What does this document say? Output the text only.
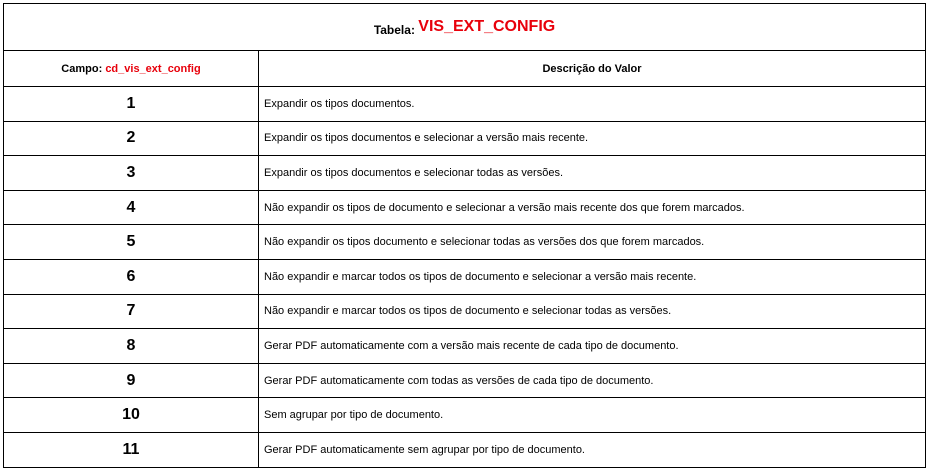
Tabela: VIS_EXT_CONFIG	
Campo: cd_vis_ext_config	Descrição do Valor
1	Expandir os tipos documentos.
2	Expandir os tipos documentos e selecionar a versão mais recente.
3	Expandir os tipos documentos e selecionar todas as versões.
4	Não expandir os tipos de documento e selecionar a versão mais recente dos que forem marcados.
5	Não expandir os tipos documento e selecionar todas as versões dos que forem marcados.
6	Não expandir e marcar todos os tipos de documento e selecionar a versão mais recente.
7	Não expandir e marcar todos os tipos de documento e selecionar todas as versões.
8	Gerar PDF automaticamente com a versão mais recente de cada tipo de documento.
9	Gerar PDF automaticamente com todas as versões de cada tipo de documento.
10	Sem agrupar por tipo de documento.
11	Gerar PDF automaticamente sem agrupar por tipo de documento.
